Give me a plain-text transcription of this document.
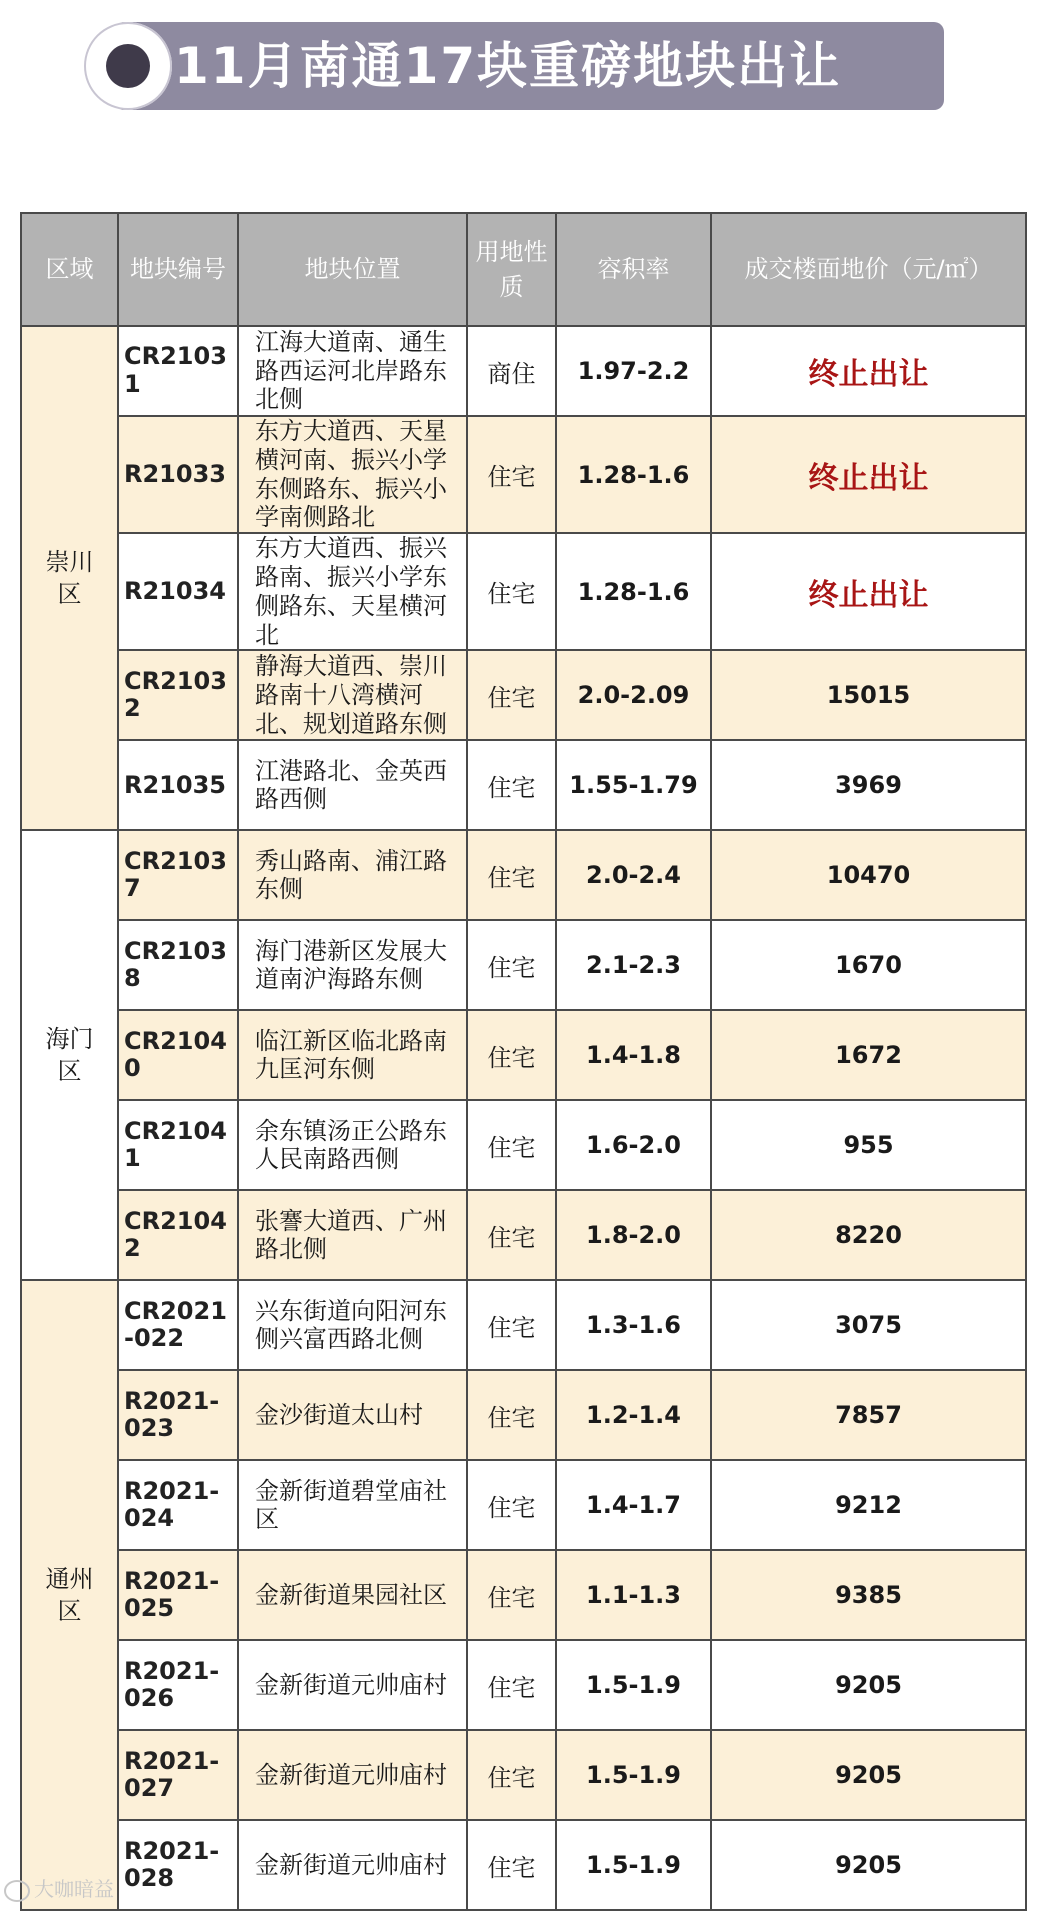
11月南通17块重磅地块出让
区域	地块编号	地块位置	用地性质	容积率	成交楼面地价（元/㎡）
崇川区	CR21031	江海大道南、通生路西运河北岸路东北侧	商住	1.97-2.2	终止出让
	R21033	东方大道西、天星横河南、振兴小学东侧路东、振兴小学南侧路北	住宅	1.28-1.6	终止出让
	R21034	东方大道西、振兴路南、振兴小学东侧路东、天星横河北	住宅	1.28-1.6	终止出让
	CR21032	静海大道西、崇川路南十八湾横河北、规划道路东侧	住宅	2.0-2.09	15015
	R21035	江港路北、金英西路西侧	住宅	1.55-1.79	3969
海门区	CR21037	秀山路南、浦江路东侧	住宅	2.0-2.4	10470
	CR21038	海门港新区发展大道南沪海路东侧	住宅	2.1-2.3	1670
	CR21040	临江新区临北路南九匡河东侧	住宅	1.4-1.8	1672
	CR21041	余东镇汤正公路东人民南路西侧	住宅	1.6-2.0	955
	CR21042	张謇大道西、广州路北侧	住宅	1.8-2.0	8220
通州区	CR2021-022	兴东街道向阳河东侧兴富西路北侧	住宅	1.3-1.6	3075
	R2021-023	金沙街道太山村	住宅	1.2-1.4	7857
	R2021-024	金新街道碧堂庙社区	住宅	1.4-1.7	9212
	R2021-025	金新街道果园社区	住宅	1.1-1.3	9385
	R2021-026	金新街道元帅庙村	住宅	1.5-1.9	9205
	R2021-027	金新街道元帅庙村	住宅	1.5-1.9	9205
	R2021-028	金新街道元帅庙村	住宅	1.5-1.9	9205
大咖暗益
